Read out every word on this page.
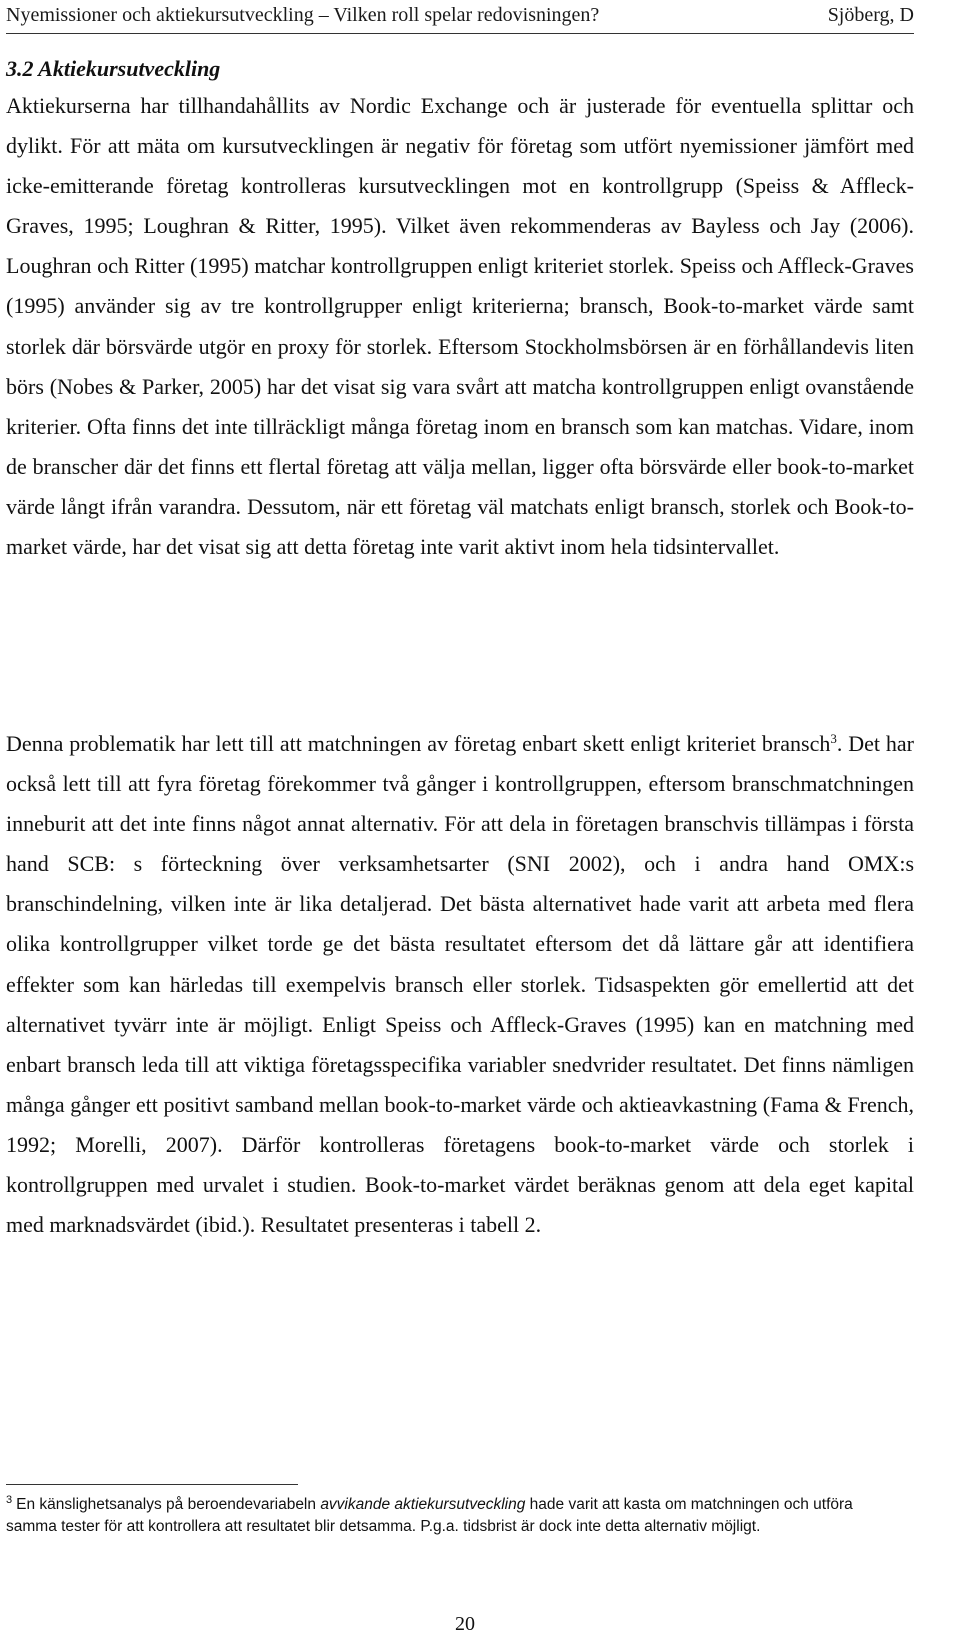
Nyemissioner och aktiekursutveckling – Vilken roll spelar redovisningen?	Sjöberg, D
3.2 Aktiekursutveckling

Aktiekurserna har tillhandahållits av Nordic Exchange och är justerade för eventuella splittar och dylikt. För att mäta om kursutvecklingen är negativ för företag som utfört nyemissioner jämfört med icke-emitterande företag kontrolleras kursutvecklingen mot en kontrollgrupp (Speiss & Affleck-Graves, 1995; Loughran & Ritter, 1995). Vilket även rekommenderas av Bayless och Jay (2006). Loughran och Ritter (1995) matchar kontrollgruppen enligt kriteriet storlek. Speiss och Affleck-Graves (1995) använder sig av tre kontrollgrupper enligt kriterierna; bransch, Book-to-market värde samt storlek där börsvärde utgör en proxy för storlek. Eftersom Stockholmsbörsen är en förhållandevis liten börs (Nobes & Parker, 2005) har det visat sig vara svårt att matcha kontrollgruppen enligt ovanstående kriterier. Ofta finns det inte tillräckligt många företag inom en bransch som kan matchas. Vidare, inom de branscher där det finns ett flertal företag att välja mellan, ligger ofta börsvärde eller book-to-market värde långt ifrån varandra. Dessutom, när ett företag väl matchats enligt bransch, storlek och Book-to-market värde, har det visat sig att detta företag inte varit aktivt inom hela tidsintervallet.

Denna problematik har lett till att matchningen av företag enbart skett enligt kriteriet bransch$^3$. Det har också lett till att fyra företag förekommer två gånger i kontrollgruppen, eftersom branschmatchningen inneburit att det inte finns något annat alternativ. För att dela in företagen branschvis tillämpas i första hand SCB: s förteckning över verksamhetsarter (SNI 2002), och i andra hand OMX:s branschindelning, vilken inte är lika detaljerad. Det bästa alternativet hade varit att arbeta med flera olika kontrollgrupper vilket torde ge det bästa resultatet eftersom det då lättare går att identifiera effekter som kan härledas till exempelvis bransch eller storlek. Tidsaspekten gör emellertid att det alternativet tyvärr inte är möjligt. Enligt Speiss och Affleck-Graves (1995) kan en matchning med enbart bransch leda till att viktiga företagsspecifika variabler snedvrider resultatet. Det finns nämligen många gånger ett positivt samband mellan book-to-market värde och aktieavkastning (Fama & French, 1992; Morelli, 2007). Därför kontrolleras företagens book-to-market värde och storlek i kontrollgruppen med urvalet i studien. Book-to-market värdet beräknas genom att dela eget kapital med marknadsvärdet (ibid.). Resultatet presenteras i tabell 2.

$^3$ En känslighetsanalys på beroendevariabeln avvikande aktiekursutveckling hade varit att kasta om matchningen och utföra samma tester för att kontrollera att resultatet blir detsamma. P.g.a. tidsbrist är dock inte detta alternativ möjligt.

20
